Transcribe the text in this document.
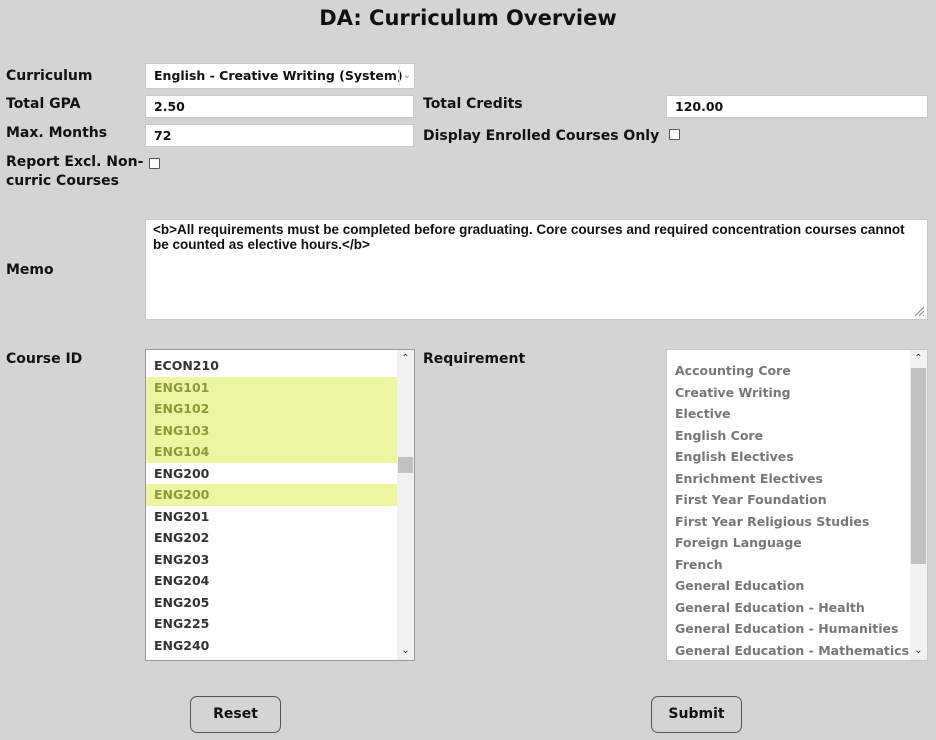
DA: Curriculum Overview
Curriculum	English - Creative Writing (System) ⌄
Total GPA	2.50	Total Credits	120.00
Max. Months	72	Display Enrolled Courses Only
Report Excl. Non-
curric Courses
Memo
<b>All requirements must be completed before graduating. Core courses and required concentration courses cannot be counted as elective hours.</b>
Course ID	ECON210
ENG101
ENG102
ENG103
ENG104
ENG200
ENG200
ENG201
ENG202
ENG203
ENG204
ENG205
ENG225
ENG240
⌃
⌄
Requirement
Accounting Core
Creative Writing
Elective
English Core
English Electives
Enrichment Electives
First Year Foundation
First Year Religious Studies
Foreign Language
French
General Education
General Education - Health
General Education - Humanities
General Education - Mathematics
⌃
⌄
Reset	Submit
